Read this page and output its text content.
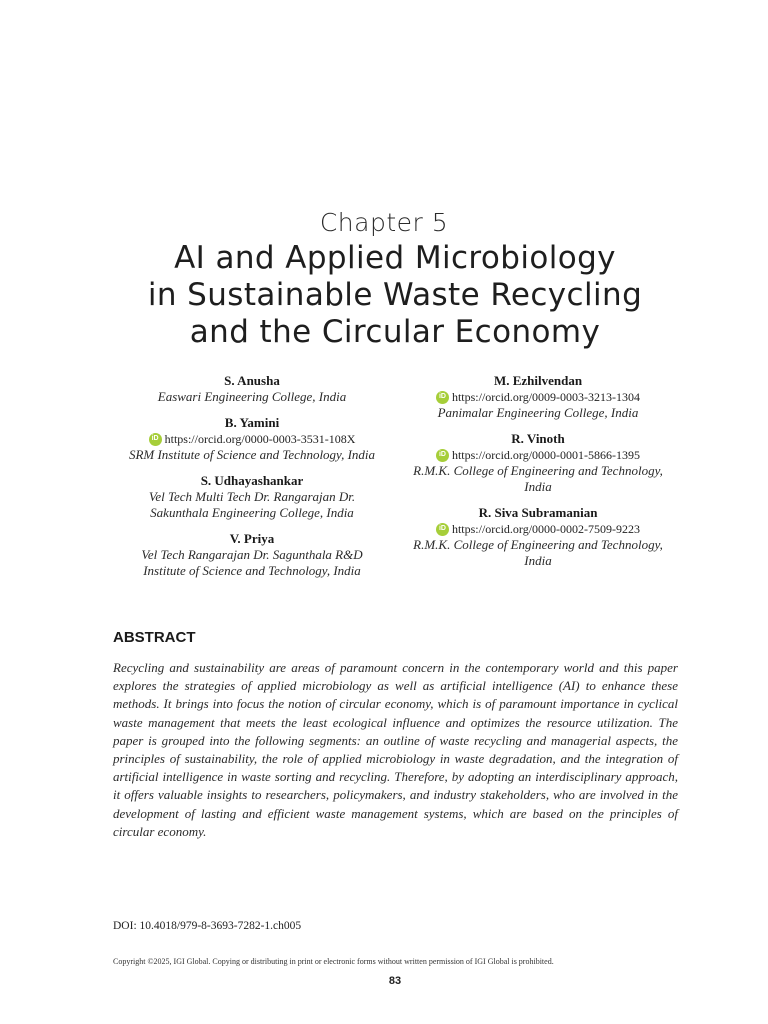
Chapter 5
AI and Applied Microbiology
in Sustainable Waste Recycling
and the Circular Economy
S. Anusha
Easwari Engineering College, India
B. Yamini
iD https://orcid.org/0000-0003-3531-108X
SRM Institute of Science and Technology, India
S. Udhayashankar
Vel Tech Multi Tech Dr. Rangarajan Dr.
Sakunthala Engineering College, India
V. Priya
Vel Tech Rangarajan Dr. Sagunthala R&D
Institute of Science and Technology, India
M. Ezhilvendan
iD https://orcid.org/0009-0003-3213-1304
Panimalar Engineering College, India
R. Vinoth
iD https://orcid.org/0000-0001-5866-1395
R.M.K. College of Engineering and Technology,
India
R. Siva Subramanian
iD https://orcid.org/0000-0002-7509-9223
R.M.K. College of Engineering and Technology,
India
ABSTRACT
Recycling and sustainability are areas of paramount concern in the contemporary world and this paper explores the strategies of applied microbiology as well as artificial intelligence (AI) to enhance these methods. It brings into focus the notion of circular economy, which is of paramount importance in cyclical waste management that meets the least ecological influence and optimizes the resource utilization. The paper is grouped into the following segments: an outline of waste recycling and managerial aspects, the principles of sustainability, the role of applied microbiology in waste degradation, and the integration of artificial intelligence in waste sorting and recycling. Therefore, by adopting an interdisciplinary approach, it offers valuable insights to researchers, policymakers, and industry stakeholders, who are involved in the development of lasting and efficient waste management systems, which are based on the principles of circular economy.
DOI: 10.4018/979-8-3693-7282-1.ch005
Copyright ©2025, IGI Global. Copying or distributing in print or electronic forms without written permission of IGI Global is prohibited.
83
